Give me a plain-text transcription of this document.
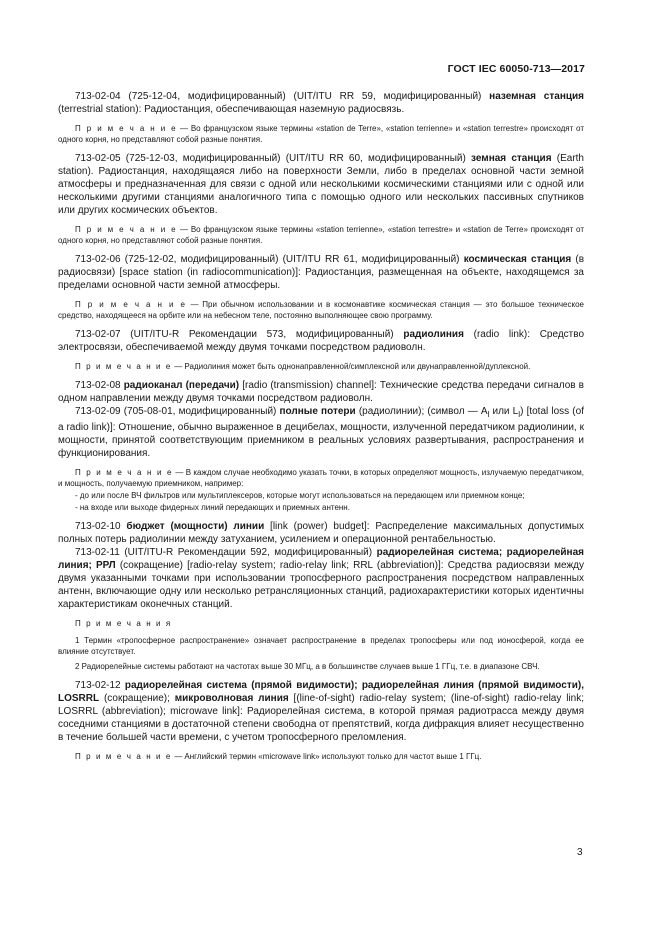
ГОСТ IEC 60050-713—2017

713-02-04 (725-12-04, модифицированный) (UIT/ITU RR 59, модифицированный) наземная станция (terrestrial station): Радиостанция, обеспечивающая наземную радиосвязь.

П р и м е ч а н и е — Во французском языке термины «station de Terre», «station terrienne» и «station terrestre» происходят от одного корня, но представляют собой разные понятия.

713-02-05 (725-12-03, модифицированный) (UIT/ITU RR 60, модифицированный) земная станция (Earth station). Радиостанция, находящаяся либо на поверхности Земли, либо в пределах основной части земной атмосферы и предназначенная для связи с одной или несколькими космическими станциями или с одной или несколькими другими станциями аналогичного типа с помощью одного или нескольких пассивных спутников или других космических объектов.

П р и м е ч а н и е — Во французском языке термины «station terrienne», «station terrestre» и «station de Terre» происходят от одного корня, но представляют собой разные понятия.

713-02-06 (725-12-02, модифицированный) (UIT/ITU RR 61, модифицированный) космическая станция (в радиосвязи) [space station (in radiocommunication)]: Радиостанция, размещенная на объекте, находящемся за пределами основной части земной атмосферы.

П р и м е ч а н и е — При обычном использовании и в космонавтике космическая станция — это большое техническое средство, находящееся на орбите или на небесном теле, постоянно выполняющее свою программу.

713-02-07 (UIT/ITU-R Рекомендации 573, модифицированный) радиолиния (radio link): Средство электросвязи, обеспечиваемой между двумя точками посредством радиоволн.

П р и м е ч а н и е — Радиолиния может быть однонаправленной/симплексной или двунаправленной/дуплексной.

713-02-08 радиоканал (передачи) [radio (transmission) channel]: Технические средства передачи сигналов в одном направлении между двумя точками посредством радиоволн.

713-02-09 (705-08-01, модифицированный) полные потери (радиолинии); (символ — $A_l$ или $L_l$) [total loss (of a radio link)]: Отношение, обычно выраженное в децибелах, мощности, излученной передатчиком радиолинии, к мощности, принятой соответствующим приемником в реальных условиях развертывания, распространения и функционирования.

П р и м е ч а н и е — В каждом случае необходимо указать точки, в которых определяют мощность, излучаемую передатчиком, и мощность, получаемую приемником, например:

- до или после ВЧ фильтров или мультиплексеров, которые могут использоваться на передающем или приемном конце;

- на входе или выходе фидерных линий передающих и приемных антенн.

713-02-10 бюджет (мощности) линии [link (power) budget]: Распределение максимальных допустимых полных потерь радиолинии между затуханием, усилением и операционной рентабельностью.

713-02-11 (UIT/ITU-R Рекомендации 592, модифицированный) радиорелейная система; радиорелейная линия; РРЛ (сокращение) [radio-relay system; radio-relay link; RRL (abbreviation)]: Средства радиосвязи между двумя указанными точками при использовании тропосферного распространения посредством направленных антенн, включающие одну или несколько ретрансляционных станций, радиохарактеристики которых идентичны характеристикам оконечных станций.

П р и м е ч а н и я

1 Термин «тропосферное распространение» означает распространение в пределах тропосферы или под ионосферой, когда ее влияние отсутствует.

2 Радиорелейные системы работают на частотах выше 30 МГц, а в большинстве случаев выше 1 ГГц, т.е. в диапазоне СВЧ.

713-02-12 радиорелейная система (прямой видимости); радиорелейная линия (прямой видимости), LOSRRL (сокращение); микроволновая линия [(line-of-sight) radio-relay system; (line-of-sight) radio-relay link; LOSRRL (abbreviation); microwave link]: Радиорелейная система, в которой прямая радиотрасса между двумя соседними станциями в достаточной степени свободна от препятствий, когда дифракция влияет несущественно в течение большей части времени, с учетом тропосферного преломления.

П р и м е ч а н и е — Английский термин «microwave link» используют только для частот выше 1 ГГц.

3
